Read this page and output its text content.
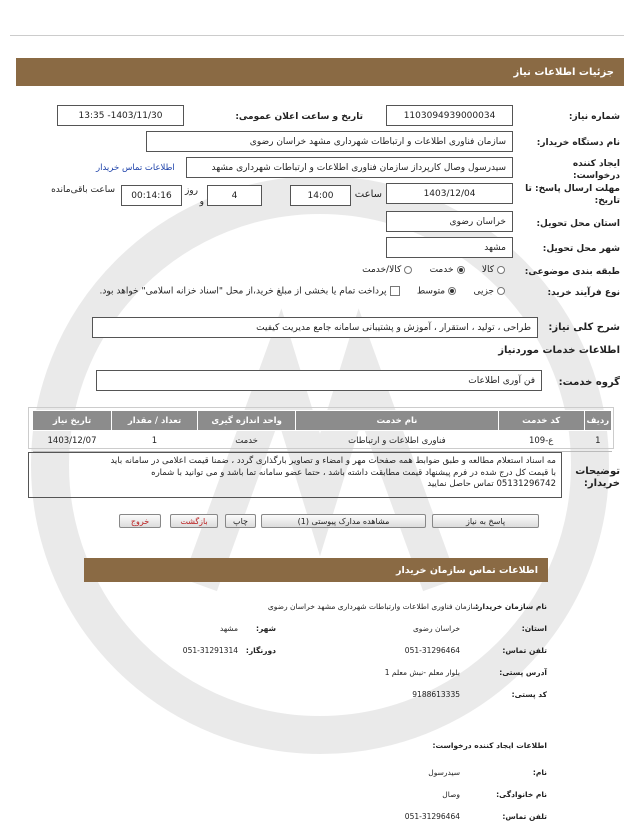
جزئیات اطلاعات نیاز
شماره نیاز:
1103094939000034
تاریخ و ساعت اعلان عمومی:
1403/11/30- 13:35
نام دستگاه خریدار:
سازمان فناوری اطلاعات و ارتباطات شهرداری مشهد خراسان رضوی
ایجاد کننده
درخواست:
سیدرسول وصال کارپرداز سازمان فناوری اطلاعات و ارتباطات شهرداری مشهد
اطلاعات تماس خریدار
مهلت ارسال پاسخ: تا
تاریخ:
1403/12/04
ساعت
14:00
4
روز
و
00:14:16
ساعت باقی‌مانده
استان محل تحویل:
خراسان رضوی
شهر محل تحویل:
مشهد
طبقه بندی موضوعی:
کالا     خدمت     کالا/خدمت
نوع فرآیند خرید:
جزیی     متوسط     پرداخت تمام یا بخشی از مبلغ خرید،از محل "اسناد خزانه اسلامی" خواهد بود.
شرح کلی نیاز:
طراحی ، تولید ، استقرار ، آموزش و پشتیبانی سامانه جامع مدیریت کیفیت
اطلاعات خدمات مورد‌نیاز
گروه خدمت:
فن آوری اطلاعات
ردیف	کد خدمت	نام خدمت	واحد اندازه گیری	تعداد / مقدار	تاریخ نیاز
1	ع-109	فناوری اطلاعات و ارتباطات	خدمت	1	1403/12/07
توضیحات
خریدار:
مه اسناد استعلام مطالعه و طبق ضوابط همه صفحات مهر و امضاء و تصاویر بارگذاری گردد ، ضمنا قیمت اعلامی در سامانه باید
با قیمت کل درج شده در فرم پیشنهاد قیمت مطابقت داشته باشد ، حتما عضو سامانه تما باشد و می توانید با شماره
05131296742 تماس حاصل نمایید
پاسخ به نیاز
مشاهده مدارک پیوستی (1)
چاپ
بازگشت
خروج
اطلاعات تماس سازمان خریدار
نام سازمان خریدار:
سازمان فناوری اطلاعات وارتباطات شهرداری مشهد خراسان رضوی
استان:
خراسان رضوی
شهر:
مشهد
تلفن تماس:
051-31296464
دورنگار:
051-31291314
آدرس پستی:
بلوار معلم -نبش معلم 1
کد پستی:
9188613335
اطلاعات ایجاد کننده درخواست:
نام:
سیدرسول
نام خانوادگی:
وصال
تلفن تماس:
051-31296464
